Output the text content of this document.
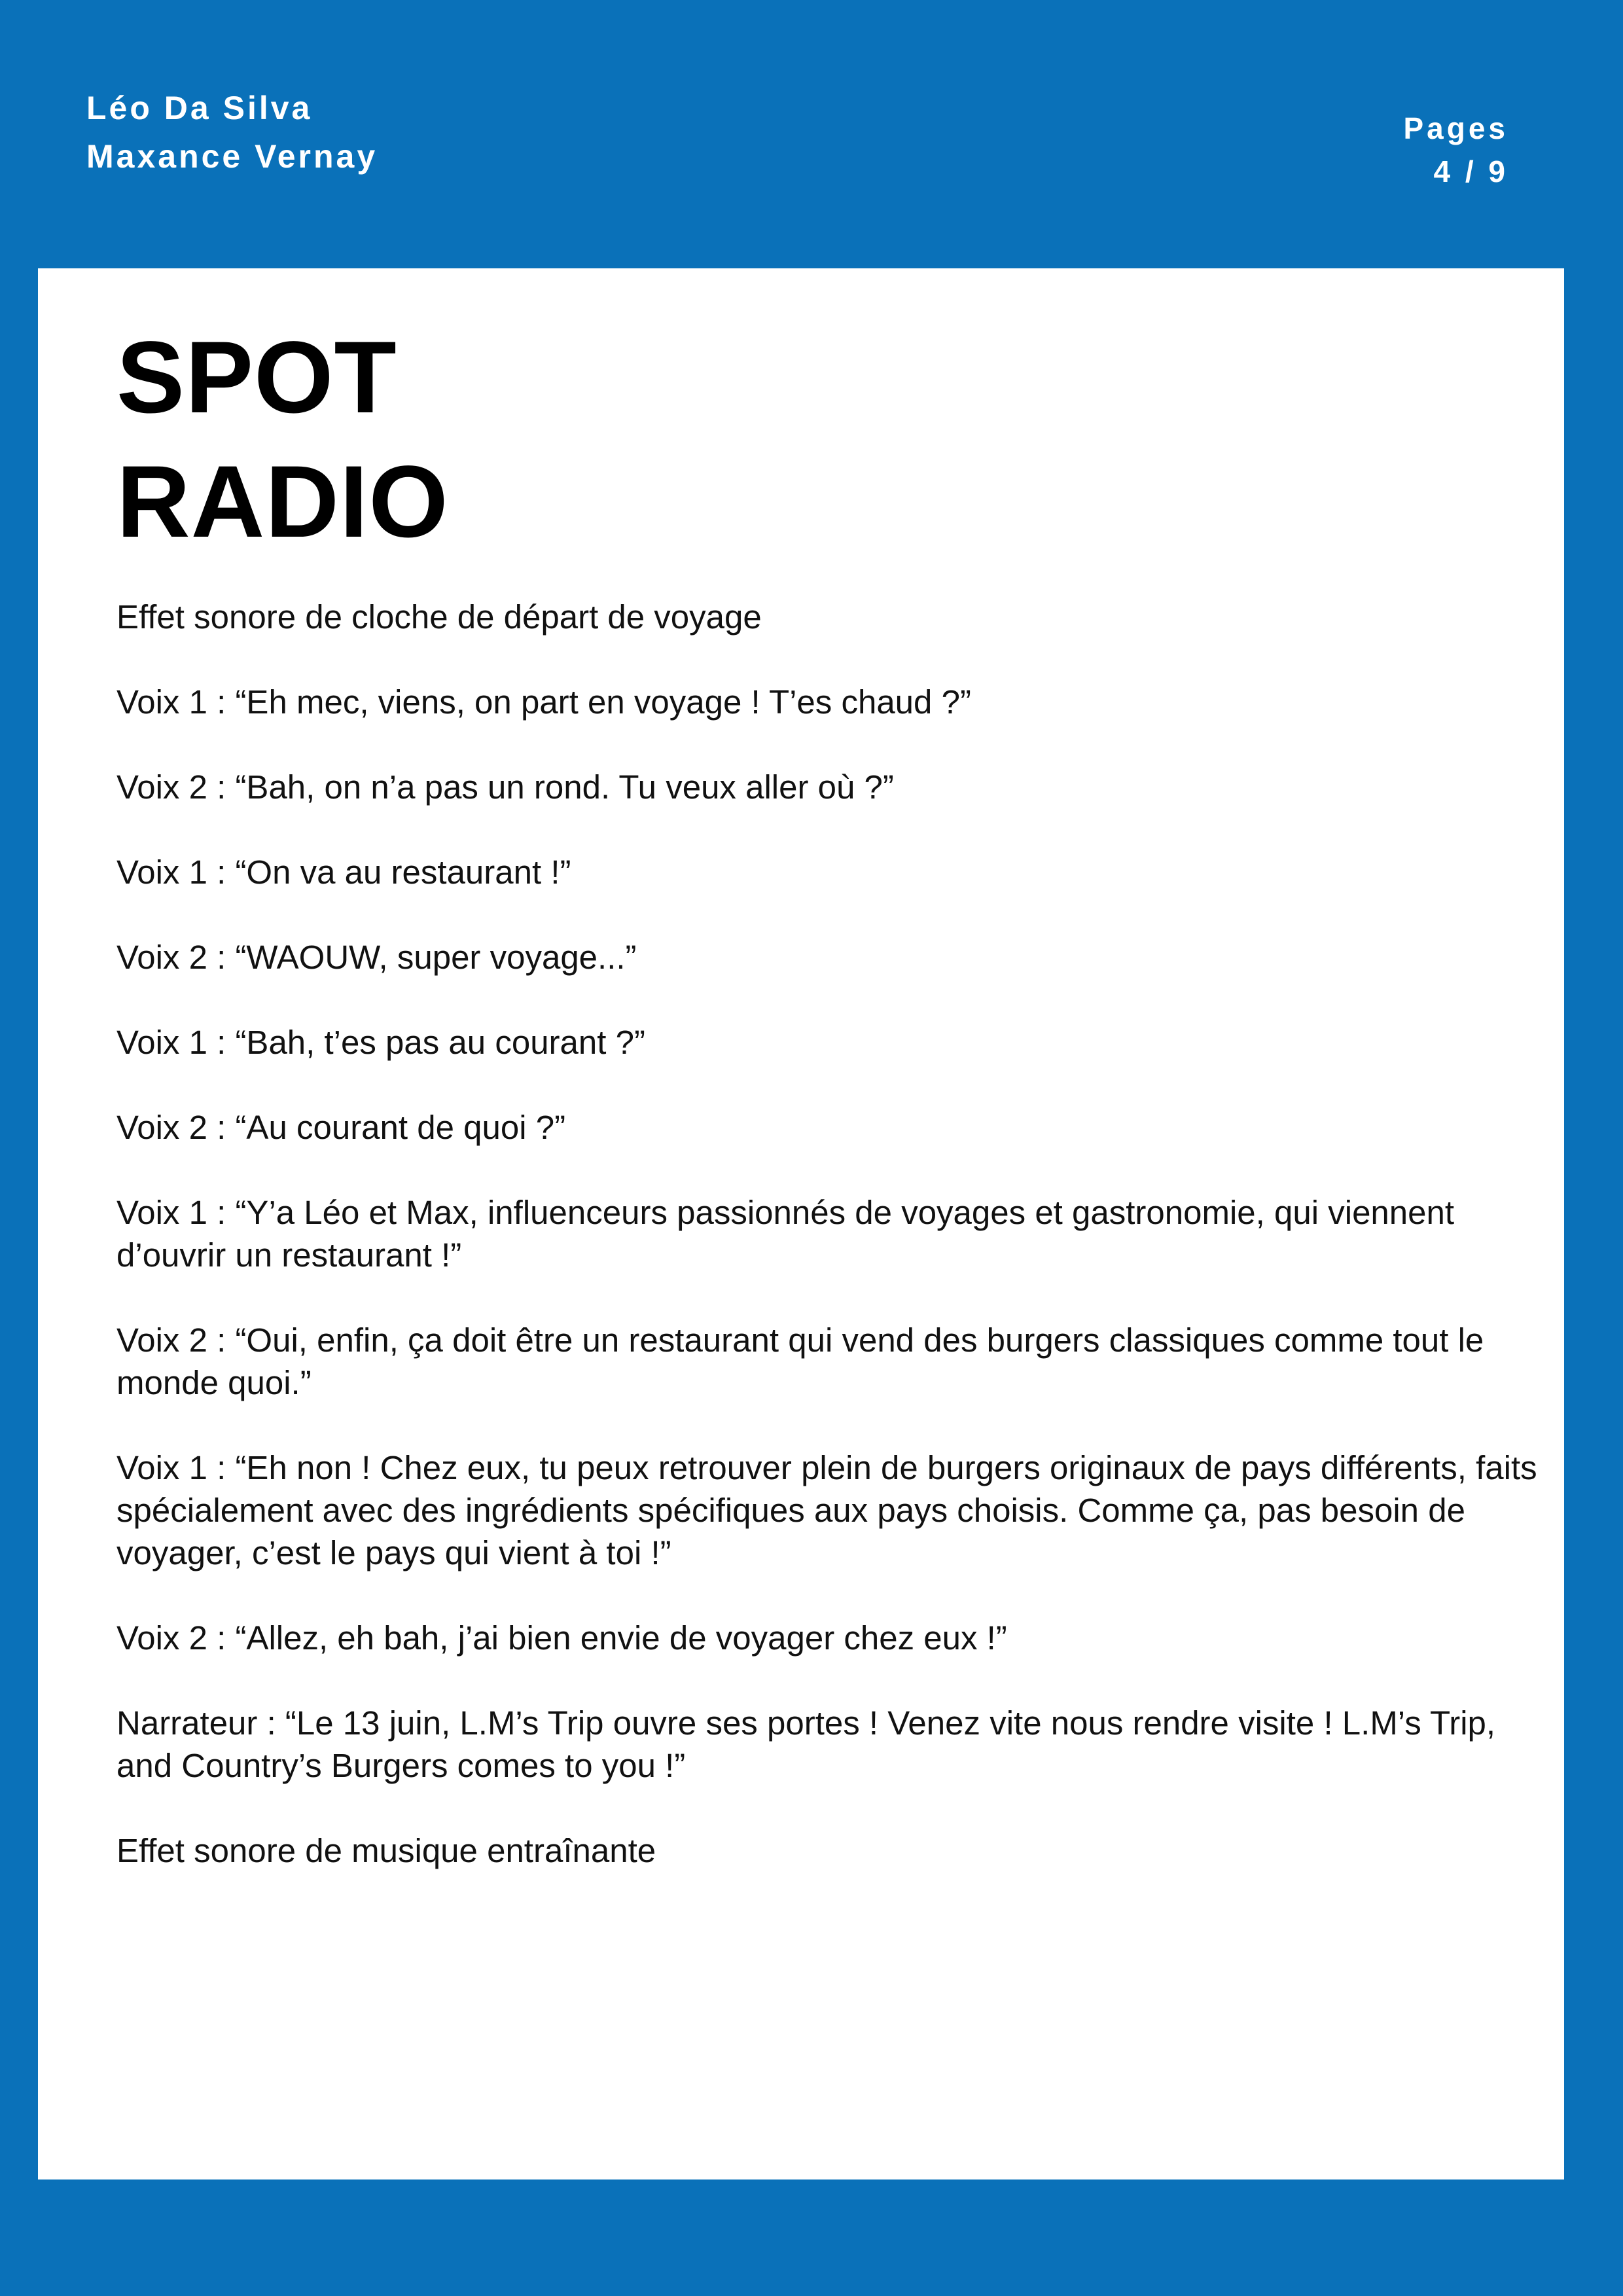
Léo Da Silva
Maxance Vernay
Pages
4 / 9
SPOT
RADIO

Effet sonore de cloche de départ de voyage

Voix 1 : “Eh mec, viens, on part en voyage ! T’es chaud ?”

Voix 2 : “Bah, on n’a pas un rond. Tu veux aller où ?”

Voix 1 : “On va au restaurant !”

Voix 2 : “WAOUW, super voyage...”

Voix 1 : “Bah, t’es pas au courant ?”

Voix 2 : “Au courant de quoi ?”

Voix 1 : “Y’a Léo et Max, influenceurs passionnés de voyages et gastronomie, qui viennent d’ouvrir un restaurant !”

Voix 2 : “Oui, enfin, ça doit être un restaurant qui vend des burgers classiques comme tout le monde quoi.”

Voix 1 : “Eh non ! Chez eux, tu peux retrouver plein de burgers originaux de pays différents, faits spécialement avec des ingrédients spécifiques aux pays choisis. Comme ça, pas besoin de voyager, c’est le pays qui vient à toi !”

Voix 2 : “Allez, eh bah, j’ai bien envie de voyager chez eux !”

Narrateur : “Le 13 juin, L.M’s Trip ouvre ses portes ! Venez vite nous rendre visite ! L.M’s Trip, and Country’s Burgers comes to you !”

Effet sonore de musique entraînante
